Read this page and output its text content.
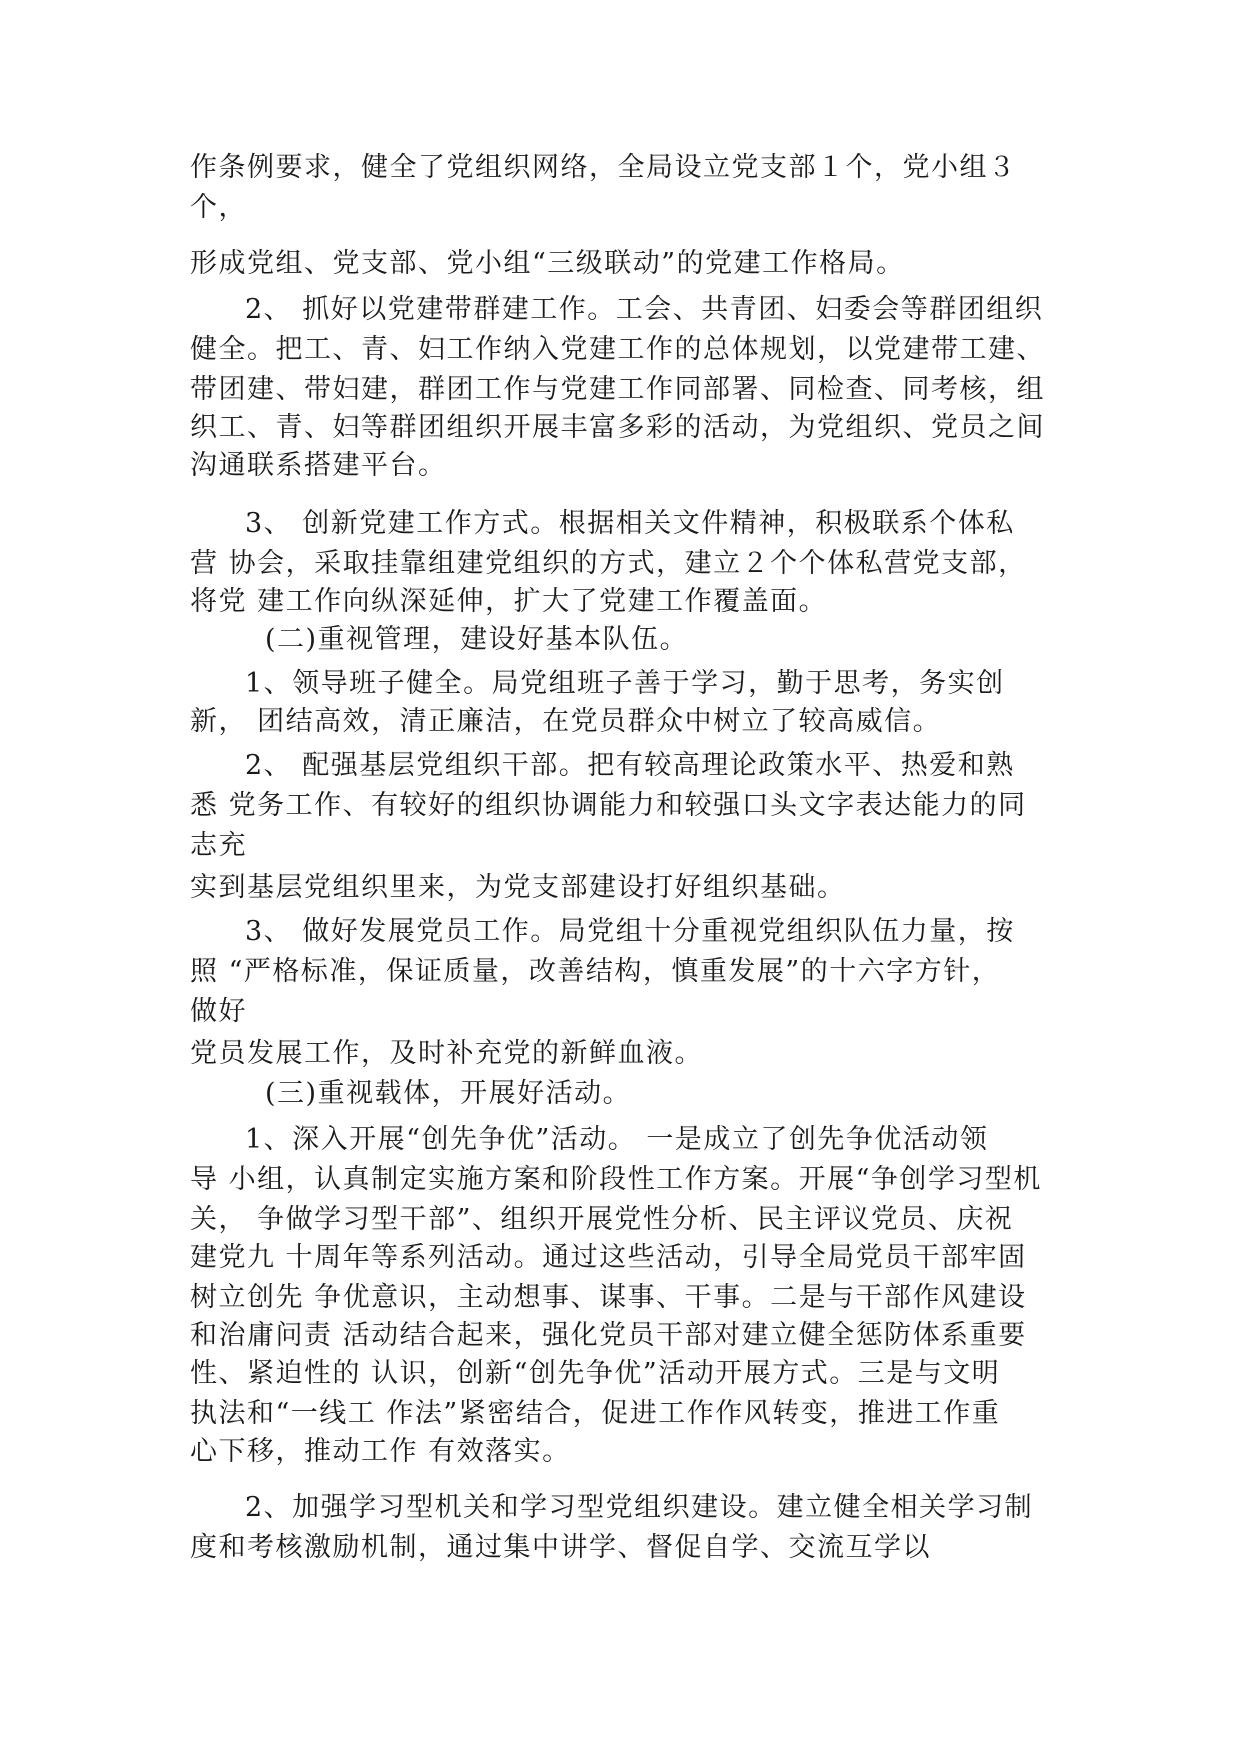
作条例要求，健全了党组织网络，全局设立党支部１个，党小组３

个，

形成党组、党支部、党小组“三级联动”的党建工作格局。

2、 抓好以党建带群建工作。工会、共青团、妇委会等群团组织

健全。把工、青、妇工作纳入党建工作的总体规划，以党建带工建、

带团建、带妇建，群团工作与党建工作同部署、同检查、同考核，组

织工、青、妇等群团组织开展丰富多彩的活动，为党组织、党员之间

沟通联系搭建平台。

3、 创新党建工作方式。根据相关文件精神，积极联系个体私

营 协会，采取挂靠组建党组织的方式，建立２个个体私营党支部，

将党 建工作向纵深延伸，扩大了党建工作覆盖面。

(二)重视管理，建设好基本队伍。

1、领导班子健全。局党组班子善于学习，勤于思考，务实创

新， 团结高效，清正廉洁，在党员群众中树立了较高威信。

2、 配强基层党组织干部。把有较高理论政策水平、热爱和熟

悉 党务工作、有较好的组织协调能力和较强口头文字表达能力的同

志充

实到基层党组织里来，为党支部建设打好组织基础。

3、 做好发展党员工作。局党组十分重视党组织队伍力量，按

照 “严格标准，保证质量，改善结构，慎重发展”的十六字方针，

做好

党员发展工作，及时补充党的新鲜血液。

(三)重视载体，开展好活动。

1、深入开展“创先争优”活动。 一是成立了创先争优活动领

导 小组，认真制定实施方案和阶段性工作方案。开展“争创学习型机

关， 争做学习型干部”、组织开展党性分析、民主评议党员、庆祝

建党九 十周年等系列活动。通过这些活动，引导全局党员干部牢固

树立创先 争优意识，主动想事、谋事、干事。二是与干部作风建设

和治庸问责 活动结合起来，强化党员干部对建立健全惩防体系重要

性、紧迫性的 认识，创新“创先争优”活动开展方式。三是与文明

执法和“一线工 作法”紧密结合，促进工作作风转变，推进工作重

心下移，推动工作 有效落实。

2、加强学习型机关和学习型党组织建设。建立健全相关学习制

度和考核激励机制，通过集中讲学、督促自学、交流互学以
